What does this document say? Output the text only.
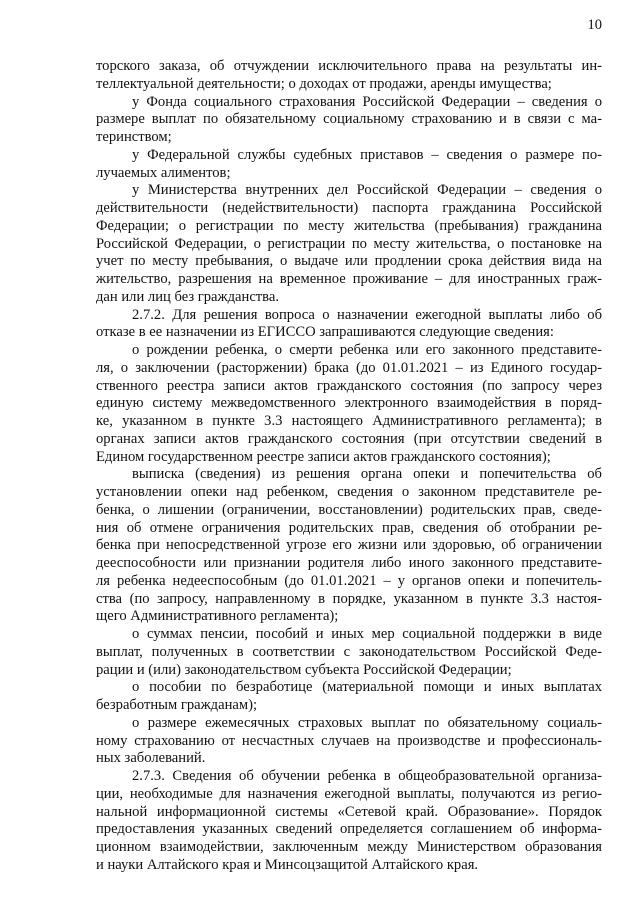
10
торского заказа, об отчуждении исключительного права на результаты ин-
теллектуальной деятельности; о доходах от продажи, аренды имущества;
у Фонда социального страхования Российской Федерации – сведения о
размере выплат по обязательному социальному страхованию и в связи с ма-
теринством;
у Федеральной службы судебных приставов – сведения о размере по-
лучаемых алиментов;
у Министерства внутренних дел Российской Федерации – сведения о
действительности (недействительности) паспорта гражданина Российской
Федерации; о регистрации по месту жительства (пребывания) гражданина
Российской Федерации, о регистрации по месту жительства, о постановке на
учет по месту пребывания, о выдаче или продлении срока действия вида на
жительство, разрешения на временное проживание – для иностранных граж-
дан или лиц без гражданства.
2.7.2. Для решения вопроса о назначении ежегодной выплаты либо об
отказе в ее назначении из ЕГИССО запрашиваются следующие сведения:
о рождении ребенка, о смерти ребенка или его законного представите-
ля, о заключении (расторжении) брака (до 01.01.2021 – из Единого государ-
ственного реестра записи актов гражданского состояния (по запросу через
единую систему межведомственного электронного взаимодействия в поряд-
ке, указанном в пункте 3.3 настоящего Административного регламента); в
органах записи актов гражданского состояния (при отсутствии сведений в
Едином государственном реестре записи актов гражданского состояния);
выписка (сведения) из решения органа опеки и попечительства об
установлении опеки над ребенком, сведения о законном представителе ре-
бенка, о лишении (ограничении, восстановлении) родительских прав, сведе-
ния об отмене ограничения родительских прав, сведения об отобрании ре-
бенка при непосредственной угрозе его жизни или здоровью, об ограничении
дееспособности или признании родителя либо иного законного представите-
ля ребенка недееспособным (до 01.01.2021 – у органов опеки и попечитель-
ства (по запросу, направленному в порядке, указанном в пункте 3.3 настоя-
щего Административного регламента);
о суммах пенсии, пособий и иных мер социальной поддержки в виде
выплат, полученных в соответствии с законодательством Российской Феде-
рации и (или) законодательством субъекта Российской Федерации;
о пособии по безработице (материальной помощи и иных выплатах
безработным гражданам);
о размере ежемесячных страховых выплат по обязательному социаль-
ному страхованию от несчастных случаев на производстве и профессиональ-
ных заболеваний.
2.7.3. Сведения об обучении ребенка в общеобразовательной организа-
ции, необходимые для назначения ежегодной выплаты, получаются из регио-
нальной информационной системы «Сетевой край. Образование». Порядок
предоставления указанных сведений определяется соглашением об информа-
ционном взаимодействии, заключенным между Министерством образования
и науки Алтайского края и Минсоцзащитой Алтайского края.
